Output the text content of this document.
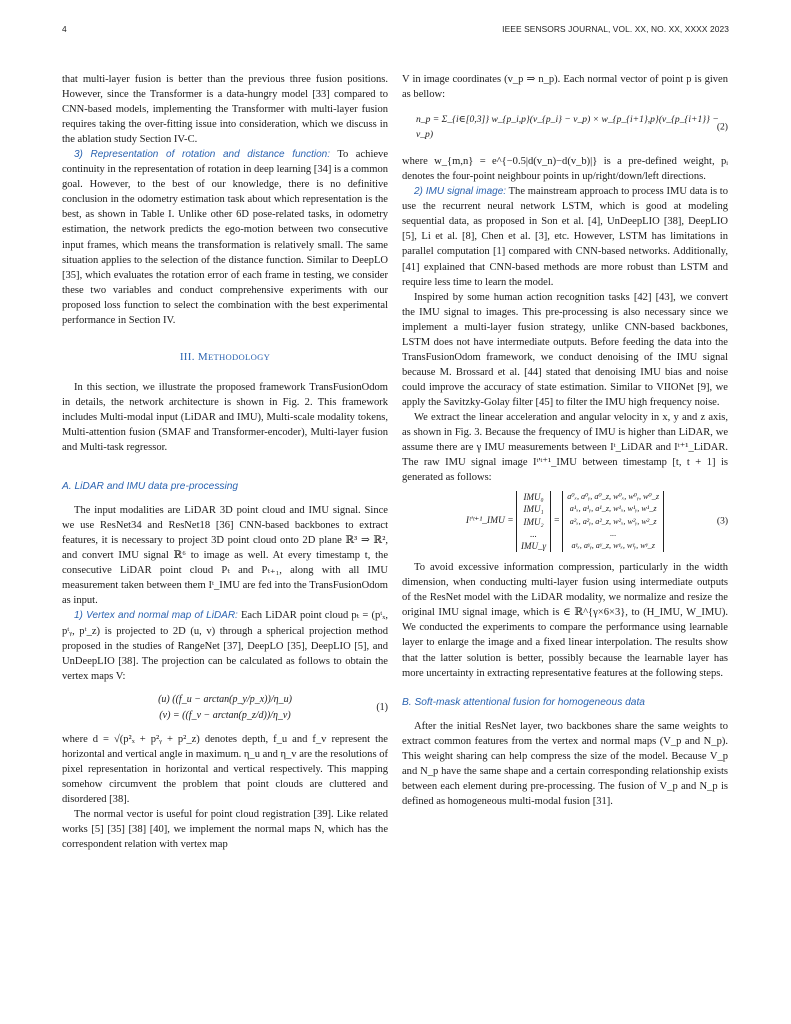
4	IEEE SENSORS JOURNAL, VOL. XX, NO. XX, XXXX 2023

that multi-layer fusion is better than the previous three fusion positions. However, since the Transformer is a data-hungry model [33] compared to CNN-based models, implementing the Transformer with multi-layer fusion requires taking the over-fitting issue into consideration, which we discuss in the ablation study Section IV-C.

3) Representation of rotation and distance function: To achieve continuity in the representation of rotation in deep learning [34] is a common goal. However, to the best of our knowledge, there is no definitive conclusion in the odometry estimation task about which representation is the best, as shown in Table I. Unlike other 6D pose-related tasks, in odometry estimation, the network predicts the ego-motion between two consecutive input frames, which means the transformation is relatively small. The same situation applies to the selection of the distance function. Similar to DeepLO [35], which evaluates the rotation error of each frame in testing, we consider these two variables and conduct comprehensive experiments with our proposed loss function to select the combination with the best experimental performance in Section IV.

III. METHODOLOGY

In this section, we illustrate the proposed framework TransFusionOdom in details, the network architecture is shown in Fig. 2. This framework includes Multi-modal input (LiDAR and IMU), Multi-scale modality tokens, Multi-attention fusion (SMAF and Transformer-encoder), Multi-layer fusion and Multi-task regressor.

A. LiDAR and IMU data pre-processing

The input modalities are LiDAR 3D point cloud and IMU signal. Since we use ResNet34 and ResNet18 [36] CNN-based backbones to extract features, it is necessary to project 3D point cloud onto 2D plane ℝ³ ⇒ ℝ², and convert IMU signal ℝ⁶ to image as well. At every timestamp t, the consecutive LiDAR point cloud Pₜ and Pₜ₊₁, along with all IMU measurement taken between them Iᵗ_IMU are fed into the TransFusionOdom as input.

1) Vertex and normal map of LiDAR: Each LiDAR point cloud pₜ = (pᵗₓ, pᵗᵧ, pᵗ_z) is projected to 2D (u, v) through a spherical projection method proposed in the studies of RangeNet [37], DeepLO [35], DeepLIO [5], and UnDeepLIO [38]. The projection can be calculated as follows to obtain the vertex maps V:

(u) ((f_u − arctan(p_y/p_x))/η_u)
(v) = ((f_v − arctan(p_z/d))/η_v)
(1)

where d = √(p²ₓ + p²ᵧ + p²_z) denotes depth, f_u and f_v represent the horizontal and vertical angle in maximum. η_u and η_v are the resolutions of pixel representation in horizontal and vertical respectively. This mapping somehow circumvent the problem that point clouds are cluttered and disordered [38].

The normal vector is useful for point cloud registration [39]. Like related works [5] [35] [38] [40], we implement the normal maps N, which has the correspondent relation with vertex map

V in image coordinates (v_p ⇒ n_p). Each normal vector of point p is given as bellow:

n_p = Σ_{i∈[0,3]} w_{p_i,p}(v_{p_i} − v_p) × w_{p_{i+1},p}(v_{p_{i+1}} − v_p)
(2)

where w_{m,n} = e^{−0.5|d(v_n)−d(v_b)|} is a pre-defined weight, pᵢ denotes the four-point neighbour points in up/right/down/left directions.

2) IMU signal image: The mainstream approach to process IMU data is to use the recurrent neural network LSTM, which is good at modeling sequential data, as proposed in Son et al. [4], UnDeepLIO [38], DeepLIO [5], Li et al. [8], Chen et al. [3], etc. However, LSTM has limitations in parallel computation [1] compared with CNN-based networks. Additionally, [41] explained that CNN-based methods are more robust than LSTM and require less time to learn the model.

Inspired by some human action recognition tasks [42] [43], we convert the IMU signal to images. This pre-processing is also necessary since we implement a multi-layer fusion strategy, unlike CNN-based backbones, LSTM does not have intermediate outputs. Before feeding the data into the TransFusionOdom framework, we conduct denoising of the IMU signal because M. Brossard et al. [44] stated that denoising IMU bias and noise could improve the accuracy of state estimation. Similar to VIIONet [9], we apply the Savitzky-Golay filter [45] to filter the IMU high frequency noise.

We extract the linear acceleration and angular velocity in x, y and z axis, as shown in Fig. 3. Because the frequency of IMU is higher than LiDAR, we assume there are γ IMU measurements between Iᵗ_LiDAR and Iᵗ⁺¹_LiDAR. The raw IMU signal image Iᵗ'ᵗ⁺¹_IMU between timestamp [t, t + 1] is generated as follows:

Iᵗ'ᵗ⁺¹_IMU =
IMU₀
IMU₁
IMU₂
...
IMU_γ
=
a⁰ₓ, a⁰ᵧ, a⁰_z, w⁰ₓ, w⁰ᵧ, w⁰_z
a¹ₓ, a¹ᵧ, a¹_z, w¹ₓ, w¹ᵧ, w¹_z
a²ₓ, a²ᵧ, a²_z, w²ₓ, w²ᵧ, w²_z
...
aᵞₓ, aᵞᵧ, aᵞ_z, wᵞₓ, wᵞᵧ, wᵞ_z
(3)

To avoid excessive information compression, particularly in the width dimension, when conducting multi-layer fusion using intermediate outputs of the ResNet model with the LiDAR modality, we normalize and resize the original IMU signal image, which is ∈ ℝ^{γ×6×3}, to (H_IMU, W_IMU). We conducted the experiments to compare the performance using learnable layer to enlarge the image and a fixed linear interpolation. The results show that the latter solution is better, possibly because the learnable layer has more uncertainty in extracting representative features at the following steps.

B. Soft-mask attentional fusion for homogeneous data

After the initial ResNet layer, two backbones share the same weights to extract common features from the vertex and normal maps (V_p and N_p). This weight sharing can help compress the size of the model. Because V_p and N_p have the same shape and a certain corresponding relationship exists between each element during pre-processing. The fusion of V_p and N_p is defined as homogeneous multi-modal fusion [31].
